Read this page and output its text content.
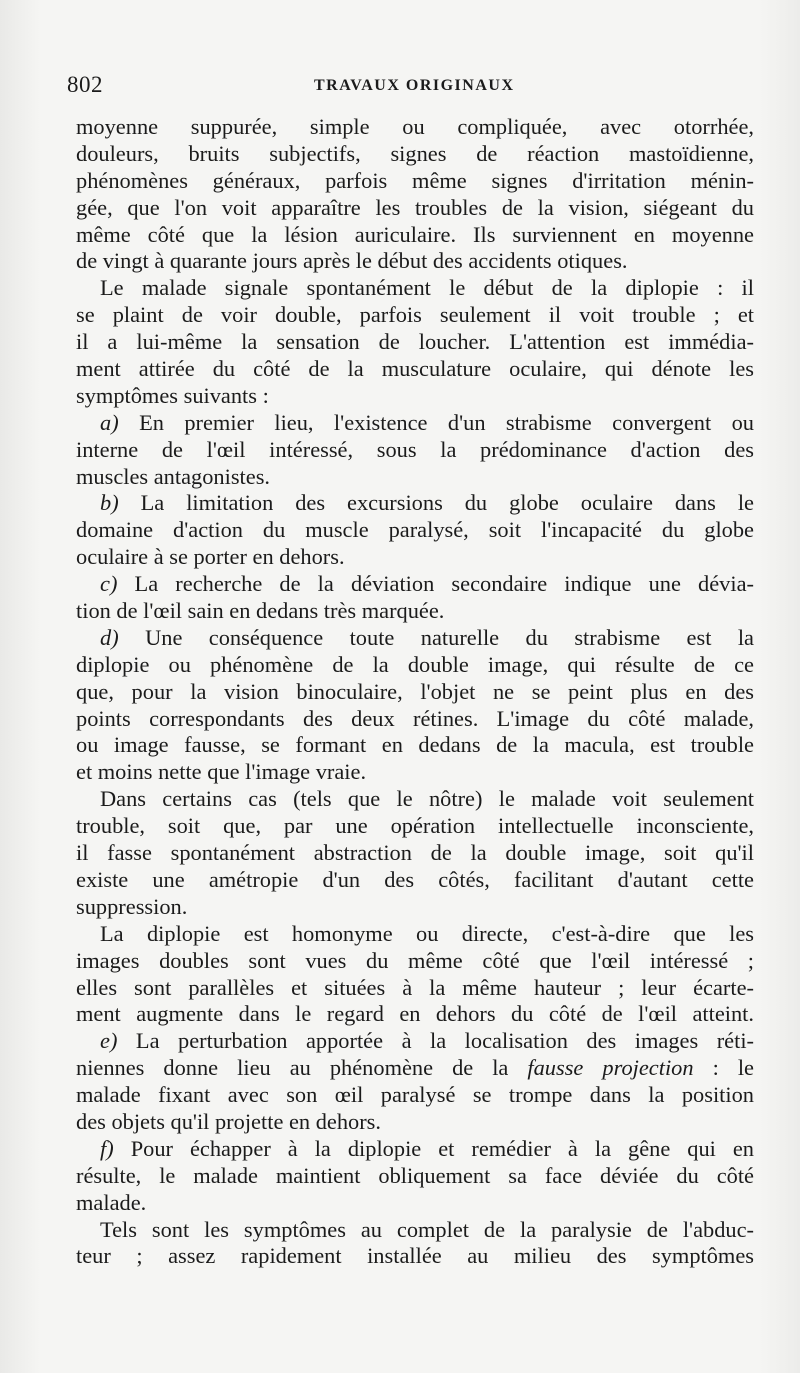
802	TRAVAUX ORIGINAUX
moyenne suppurée, simple ou compliquée, avec otorrhée,
douleurs, bruits subjectifs, signes de réaction mastoïdienne,
phénomènes généraux, parfois même signes d'irritation ménin-
gée, que l'on voit apparaître les troubles de la vision, siégeant du
même côté que la lésion auriculaire. Ils surviennent en moyenne
de vingt à quarante jours après le début des accidents otiques.
Le malade signale spontanément le début de la diplopie : il
se plaint de voir double, parfois seulement il voit trouble ; et
il a lui-même la sensation de loucher. L'attention est immédia-
ment attirée du côté de la musculature oculaire, qui dénote les
symptômes suivants :
a) En premier lieu, l'existence d'un strabisme convergent ou
interne de l'œil intéressé, sous la prédominance d'action des
muscles antagonistes.
b) La limitation des excursions du globe oculaire dans le
domaine d'action du muscle paralysé, soit l'incapacité du globe
oculaire à se porter en dehors.
c) La recherche de la déviation secondaire indique une dévia-
tion de l'œil sain en dedans très marquée.
d) Une conséquence toute naturelle du strabisme est la
diplopie ou phénomène de la double image, qui résulte de ce
que, pour la vision binoculaire, l'objet ne se peint plus en des
points correspondants des deux rétines. L'image du côté malade,
ou image fausse, se formant en dedans de la macula, est trouble
et moins nette que l'image vraie.
Dans certains cas (tels que le nôtre) le malade voit seulement
trouble, soit que, par une opération intellectuelle inconsciente,
il fasse spontanément abstraction de la double image, soit qu'il
existe une amétropie d'un des côtés, facilitant d'autant cette
suppression.
La diplopie est homonyme ou directe, c'est-à-dire que les
images doubles sont vues du même côté que l'œil intéressé ;
elles sont parallèles et situées à la même hauteur ; leur écarte-
ment augmente dans le regard en dehors du côté de l'œil atteint.
e) La perturbation apportée à la localisation des images réti-
niennes donne lieu au phénomène de la fausse projection : le
malade fixant avec son œil paralysé se trompe dans la position
des objets qu'il projette en dehors.
f) Pour échapper à la diplopie et remédier à la gêne qui en
résulte, le malade maintient obliquement sa face déviée du côté
malade.
Tels sont les symptômes au complet de la paralysie de l'abduc-
teur ; assez rapidement installée au milieu des symptômes
